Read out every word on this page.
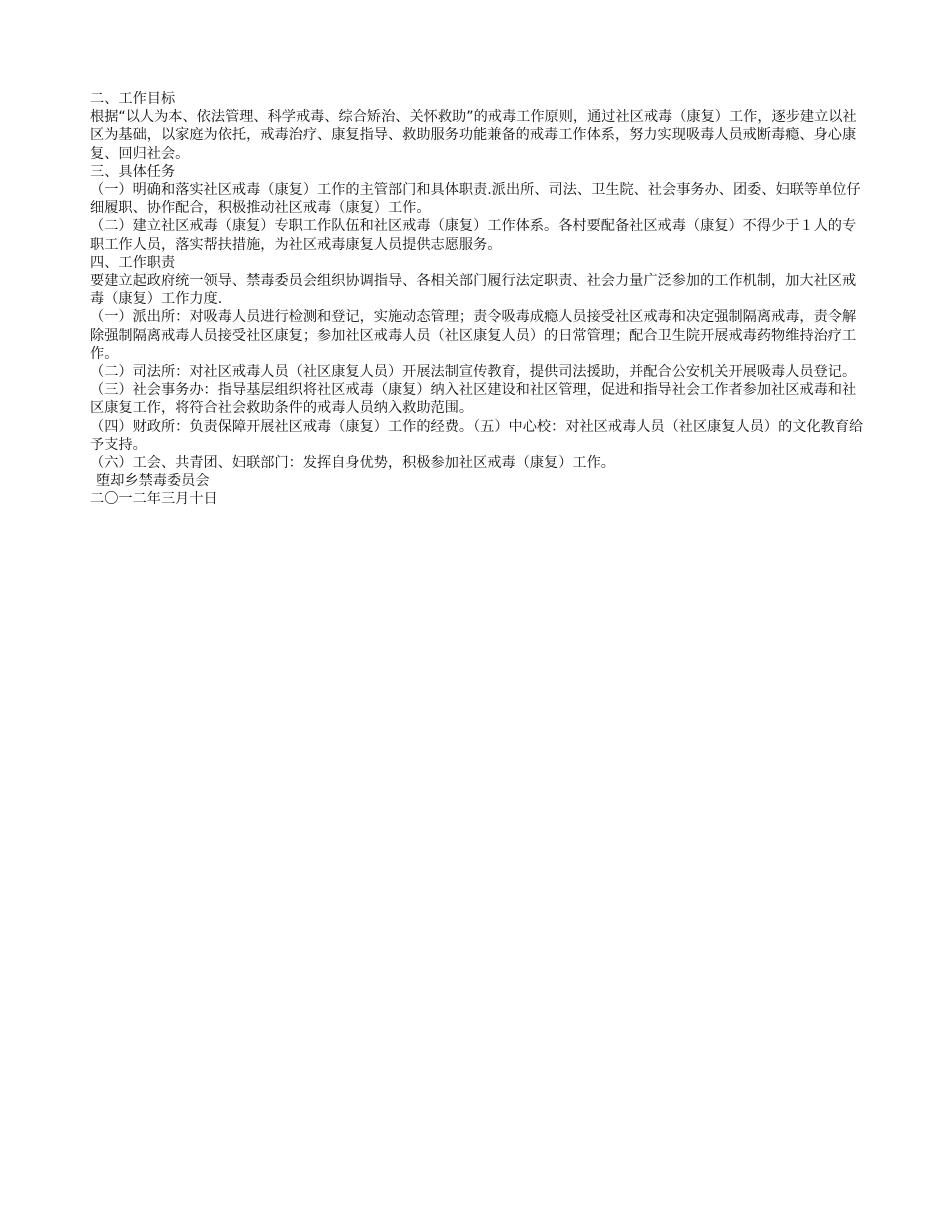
二、工作目标

根据“以人为本、依法管理、科学戒毒、综合矫治、关怀救助”的戒毒工作原则，通过社区戒毒（康复）工作，逐步建立以社区为基础，以家庭为依托，戒毒治疗、康复指导、救助服务功能兼备的戒毒工作体系，努力实现吸毒人员戒断毒瘾、身心康复、回归社会。

三、具体任务

（一）明确和落实社区戒毒（康复）工作的主管部门和具体职责.派出所、司法、卫生院、社会事务办、团委、妇联等单位仔细履职、协作配合，积极推动社区戒毒（康复）工作。

（二）建立社区戒毒（康复）专职工作队伍和社区戒毒（康复）工作体系。各村要配备社区戒毒（康复）不得少于１人的专职工作人员，落实帮扶措施，为社区戒毒康复人员提供志愿服务。

四、工作职责

要建立起政府统一领导、禁毒委员会组织协调指导、各相关部门履行法定职责、社会力量广泛参加的工作机制，加大社区戒毒（康复）工作力度.

（一）派出所：对吸毒人员进行检测和登记，实施动态管理；责令吸毒成瘾人员接受社区戒毒和决定强制隔离戒毒，责令解除强制隔离戒毒人员接受社区康复；参加社区戒毒人员（社区康复人员）的日常管理；配合卫生院开展戒毒药物维持治疗工作。

（二）司法所：对社区戒毒人员（社区康复人员）开展法制宣传教育，提供司法援助，并配合公安机关开展吸毒人员登记。

（三）社会事务办：指导基层组织将社区戒毒（康复）纳入社区建设和社区管理，促进和指导社会工作者参加社区戒毒和社区康复工作，将符合社会救助条件的戒毒人员纳入救助范围。

（四）财政所：负责保障开展社区戒毒（康复）工作的经费。（五）中心校：对社区戒毒人员（社区康复人员）的文化教育给予支持。

（六）工会、共青团、妇联部门：发挥自身优势，积极参加社区戒毒（康复）工作。

堕却乡禁毒委员会

二〇一二年三月十日
